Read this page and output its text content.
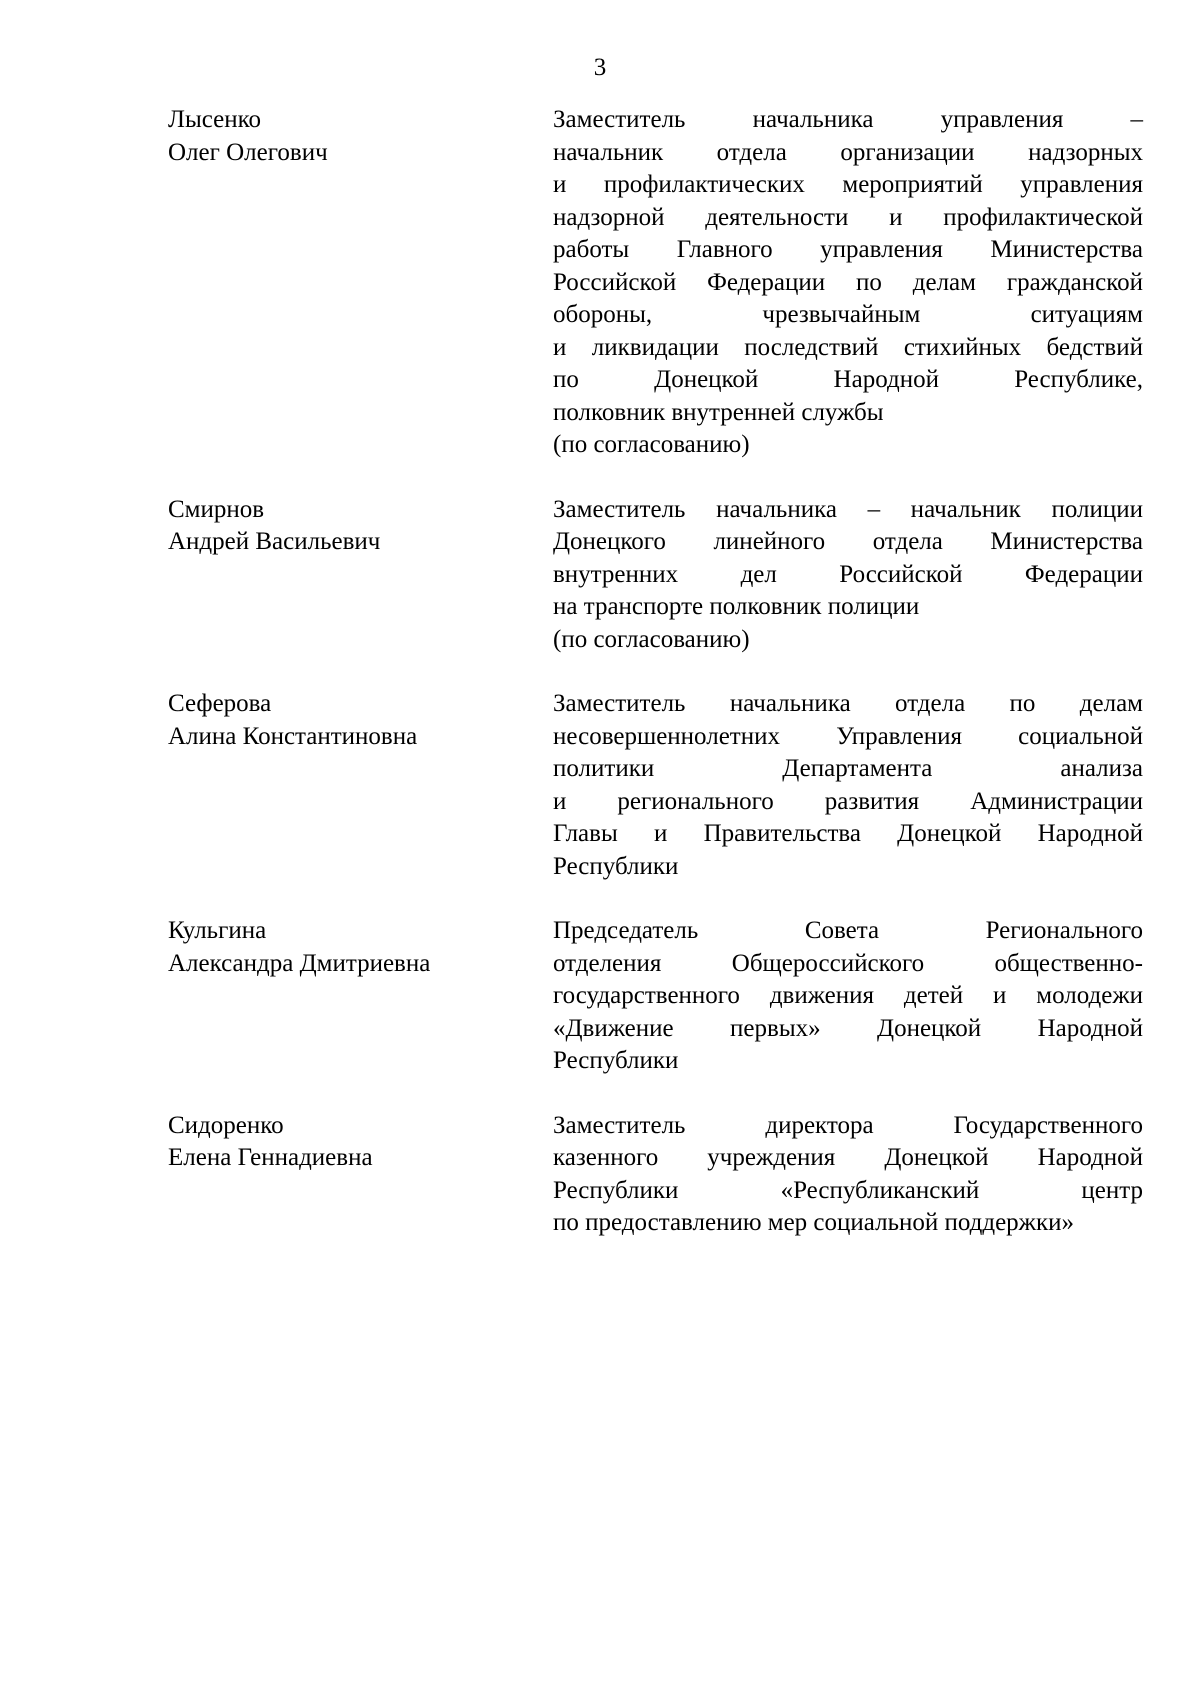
3
Лысенко
Олег Олегович
Заместитель начальника управления –
начальник отдела организации надзорных
и профилактических мероприятий управления
надзорной деятельности и профилактической
работы Главного управления Министерства
Российской Федерации по делам гражданской
обороны, чрезвычайным ситуациям
и ликвидации последствий стихийных бедствий
по Донецкой Народной Республике,
полковник внутренней службы
(по согласованию)
Смирнов
Андрей Васильевич
Заместитель начальника – начальник полиции
Донецкого линейного отдела Министерства
внутренних дел Российской Федерации
на транспорте полковник полиции
(по согласованию)
Сеферова
Алина Константиновна
Заместитель начальника отдела по делам
несовершеннолетних Управления социальной
политики Департамента анализа
и регионального развития Администрации
Главы и Правительства Донецкой Народной
Республики
Кульгина
Александра Дмитриевна
Председатель Совета Регионального
отделения Общероссийского общественно-
государственного движения детей и молодежи
«Движение первых» Донецкой Народной
Республики
Сидоренко
Елена Геннадиевна
Заместитель директора Государственного
казенного учреждения Донецкой Народной
Республики «Республиканский центр
по предоставлению мер социальной поддержки»
